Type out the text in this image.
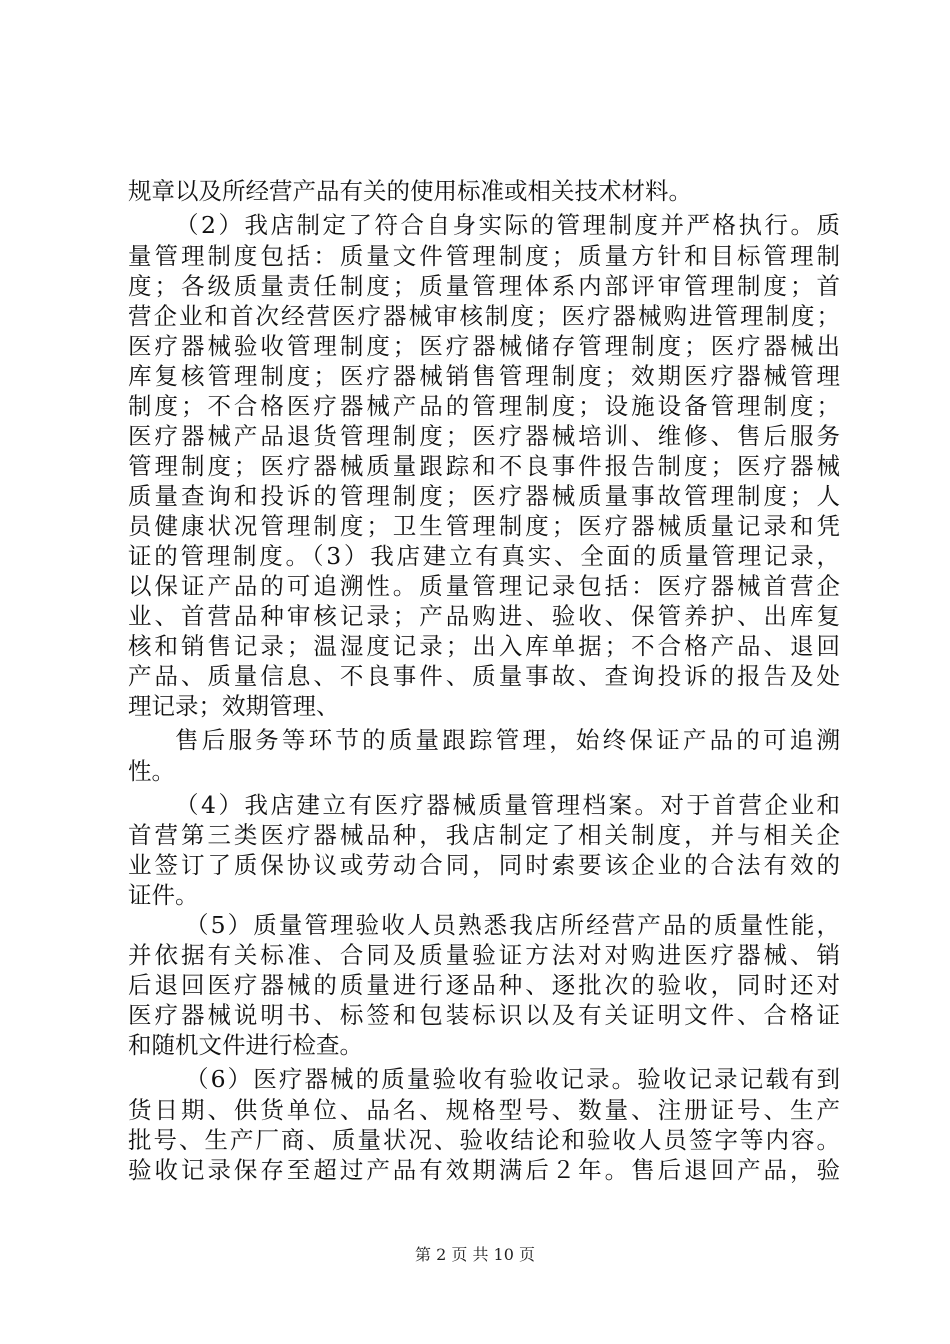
规章以及所经营产品有关的使用标准或相关技术材料。
（2）我店制定了符合自身实际的管理制度并严格执行。质
量管理制度包括：质量文件管理制度；质量方针和目标管理制
度；各级质量责任制度；质量管理体系内部评审管理制度；首
营企业和首次经营医疗器械审核制度；医疗器械购进管理制度；
医疗器械验收管理制度；医疗器械储存管理制度；医疗器械出
库复核管理制度；医疗器械销售管理制度；效期医疗器械管理
制度；不合格医疗器械产品的管理制度；设施设备管理制度；
医疗器械产品退货管理制度；医疗器械培训、维修、售后服务
管理制度；医疗器械质量跟踪和不良事件报告制度；医疗器械
质量查询和投诉的管理制度；医疗器械质量事故管理制度；人
员健康状况管理制度；卫生管理制度；医疗器械质量记录和凭
证的管理制度。（3）我店建立有真实、全面的质量管理记录，
以保证产品的可追溯性。质量管理记录包括：医疗器械首营企
业、首营品种审核记录；产品购进、验收、保管养护、出库复
核和销售记录；温湿度记录；出入库单据；不合格产品、退回
产品、质量信息、不良事件、质量事故、查询投诉的报告及处
理记录；效期管理、
售后服务等环节的质量跟踪管理，始终保证产品的可追溯
性。
（4）我店建立有医疗器械质量管理档案。对于首营企业和
首营第三类医疗器械品种，我店制定了相关制度，并与相关企
业签订了质保协议或劳动合同，同时索要该企业的合法有效的
证件。
（5）质量管理验收人员熟悉我店所经营产品的质量性能，
并依据有关标准、合同及质量验证方法对对购进医疗器械、销
后退回医疗器械的质量进行逐品种、逐批次的验收，同时还对
医疗器械说明书、标签和包装标识以及有关证明文件、合格证
和随机文件进行检查。
（6）医疗器械的质量验收有验收记录。验收记录记载有到
货日期、供货单位、品名、规格型号、数量、注册证号、生产
批号、生产厂商、质量状况、验收结论和验收人员签字等内容。
验收记录保存至超过产品有效期满后２年。售后退回产品，验
第 2 页 共 10 页
